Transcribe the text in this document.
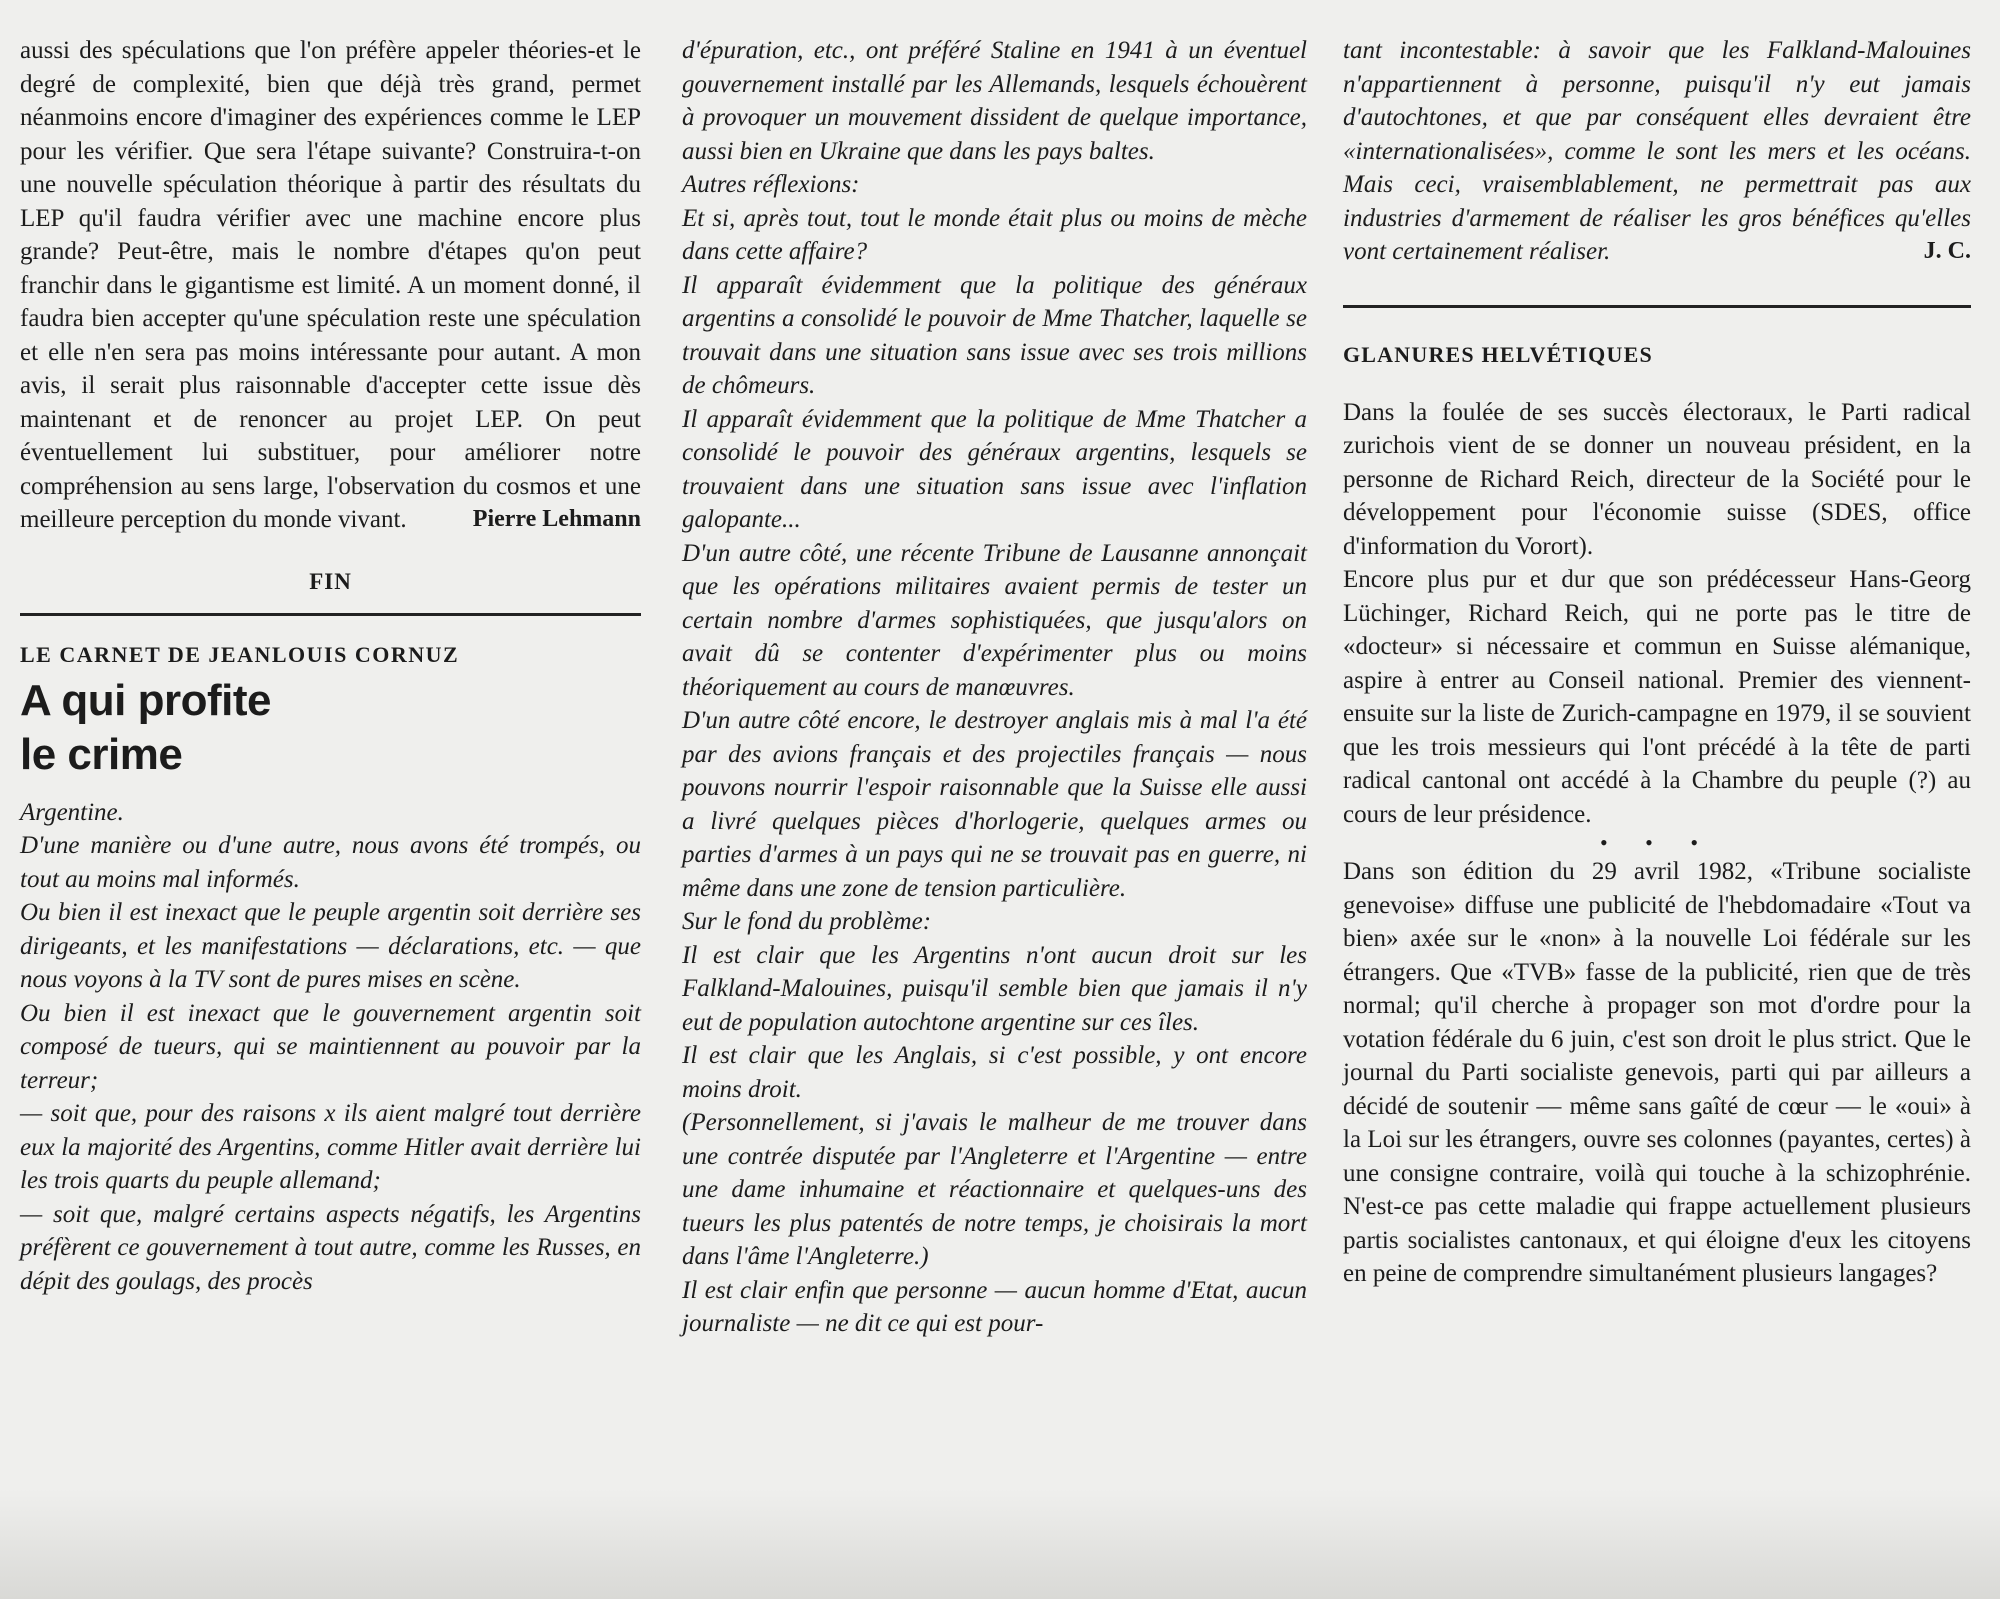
aussi des spéculations que l'on préfère appeler théories-et le degré de complexité, bien que déjà très grand, permet néanmoins encore d'imaginer des expériences comme le LEP pour les vérifier. Que sera l'étape suivante? Construira-t-on une nouvelle spéculation théorique à partir des résultats du LEP qu'il faudra vérifier avec une machine encore plus grande? Peut-être, mais le nombre d'étapes qu'on peut franchir dans le gigantisme est limité. A un moment donné, il faudra bien accepter qu'une spéculation reste une spéculation et elle n'en sera pas moins intéressante pour autant. A mon avis, il serait plus raisonnable d'accepter cette issue dès maintenant et de renoncer au projet LEP. On peut éventuellement lui substituer, pour améliorer notre compréhension au sens large, l'observation du cosmos et une meilleure perception du monde vivant.	Pierre Lehmann
FIN
LE CARNET DE JEANLOUIS CORNUZ
A qui profite
le crime

Argentine.

D'une manière ou d'une autre, nous avons été trompés, ou tout au moins mal informés.

Ou bien il est inexact que le peuple argentin soit derrière ses dirigeants, et les manifestations — déclarations, etc. — que nous voyons à la TV sont de pures mises en scène.

Ou bien il est inexact que le gouvernement argentin soit composé de tueurs, qui se maintiennent au pouvoir par la terreur;

— soit que, pour des raisons x ils aient malgré tout derrière eux la majorité des Argentins, comme Hitler avait derrière lui les trois quarts du peuple allemand;

— soit que, malgré certains aspects négatifs, les Argentins préfèrent ce gouvernement à tout autre, comme les Russes, en dépit des goulags, des procès

d'épuration, etc., ont préféré Staline en 1941 à un éventuel gouvernement installé par les Allemands, lesquels échouèrent à provoquer un mouvement dissident de quelque importance, aussi bien en Ukraine que dans les pays baltes.

Autres réflexions:

Et si, après tout, tout le monde était plus ou moins de mèche dans cette affaire?

Il apparaît évidemment que la politique des généraux argentins a consolidé le pouvoir de Mme Thatcher, laquelle se trouvait dans une situation sans issue avec ses trois millions de chômeurs.

Il apparaît évidemment que la politique de Mme Thatcher a consolidé le pouvoir des généraux argentins, lesquels se trouvaient dans une situation sans issue avec l'inflation galopante...

D'un autre côté, une récente Tribune de Lausanne annonçait que les opérations militaires avaient permis de tester un certain nombre d'armes sophistiquées, que jusqu'alors on avait dû se contenter d'expérimenter plus ou moins théoriquement au cours de manœuvres.

D'un autre côté encore, le destroyer anglais mis à mal l'a été par des avions français et des projectiles français — nous pouvons nourrir l'espoir raisonnable que la Suisse elle aussi a livré quelques pièces d'horlogerie, quelques armes ou parties d'armes à un pays qui ne se trouvait pas en guerre, ni même dans une zone de tension particulière.

Sur le fond du problème:

Il est clair que les Argentins n'ont aucun droit sur les Falkland-Malouines, puisqu'il semble bien que jamais il n'y eut de population autochtone argentine sur ces îles.

Il est clair que les Anglais, si c'est possible, y ont encore moins droit.

(Personnellement, si j'avais le malheur de me trouver dans une contrée disputée par l'Angleterre et l'Argentine — entre une dame inhumaine et réactionnaire et quelques-uns des tueurs les plus patentés de notre temps, je choisirais la mort dans l'âme l'Angleterre.)

Il est clair enfin que personne — aucun homme d'Etat, aucun journaliste — ne dit ce qui est pour-

tant incontestable: à savoir que les Falkland-Malouines n'appartiennent à personne, puisqu'il n'y eut jamais d'autochtones, et que par conséquent elles devraient être «internationalisées», comme le sont les mers et les océans. Mais ceci, vraisemblablement, ne permettrait pas aux industries d'armement de réaliser les gros bénéfices qu'elles vont certainement réaliser.	J. C.
GLANURES HELVÉTIQUES

Dans la foulée de ses succès électoraux, le Parti radical zurichois vient de se donner un nouveau président, en la personne de Richard Reich, directeur de la Société pour le développement pour l'économie suisse (SDES, office d'information du Vorort).

Encore plus pur et dur que son prédécesseur Hans-Georg Lüchinger, Richard Reich, qui ne porte pas le titre de «docteur» si nécessaire et commun en Suisse alémanique, aspire à entrer au Conseil national. Premier des viennent-ensuite sur la liste de Zurich-campagne en 1979, il se souvient que les trois messieurs qui l'ont précédé à la tête de parti radical cantonal ont accédé à la Chambre du peuple (?) au cours de leur présidence.

• • •

Dans son édition du 29 avril 1982, «Tribune socialiste genevoise» diffuse une publicité de l'hebdomadaire «Tout va bien» axée sur le «non» à la nouvelle Loi fédérale sur les étrangers. Que «TVB» fasse de la publicité, rien que de très normal; qu'il cherche à propager son mot d'ordre pour la votation fédérale du 6 juin, c'est son droit le plus strict. Que le journal du Parti socialiste genevois, parti qui par ailleurs a décidé de soutenir — même sans gaîté de cœur — le «oui» à la Loi sur les étrangers, ouvre ses colonnes (payantes, certes) à une consigne contraire, voilà qui touche à la schizophrénie. N'est-ce pas cette maladie qui frappe actuellement plusieurs partis socialistes cantonaux, et qui éloigne d'eux les citoyens en peine de comprendre simultanément plusieurs langages?
